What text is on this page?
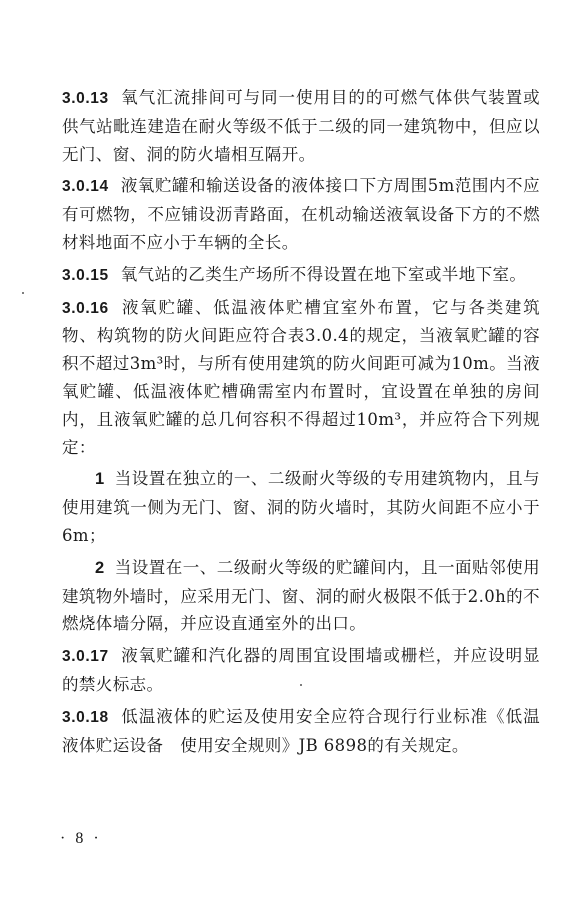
3.0.13 氧气汇流排间可与同一使用目的的可燃气体供气装置或供气站毗连建造在耐火等级不低于二级的同一建筑物中，但应以无门、窗、洞的防火墙相互隔开。

3.0.14 液氧贮罐和输送设备的液体接口下方周围5m范围内不应有可燃物，不应铺设沥青路面，在机动输送液氧设备下方的不燃材料地面不应小于车辆的全长。

3.0.15 氧气站的乙类生产场所不得设置在地下室或半地下室。

3.0.16 液氧贮罐、低温液体贮槽宜室外布置，它与各类建筑物、构筑物的防火间距应符合表3.0.4的规定，当液氧贮罐的容积不超过3m³时，与所有使用建筑的防火间距可减为10m。当液氧贮罐、低温液体贮槽确需室内布置时，宜设置在单独的房间内，且液氧贮罐的总几何容积不得超过10m³，并应符合下列规定：

1 当设置在独立的一、二级耐火等级的专用建筑物内，且与使用建筑一侧为无门、窗、洞的防火墙时，其防火间距不应小于6m；

2 当设置在一、二级耐火等级的贮罐间内，且一面贴邻使用建筑物外墙时，应采用无门、窗、洞的耐火极限不低于2.0h的不燃烧体墙分隔，并应设直通室外的出口。

3.0.17 液氧贮罐和汽化器的周围宜设围墙或栅栏，并应设明显的禁火标志。

3.0.18 低温液体的贮运及使用安全应符合现行行业标准《低温液体贮运设备　使用安全规则》JB 6898的有关规定。

· 8 ·
